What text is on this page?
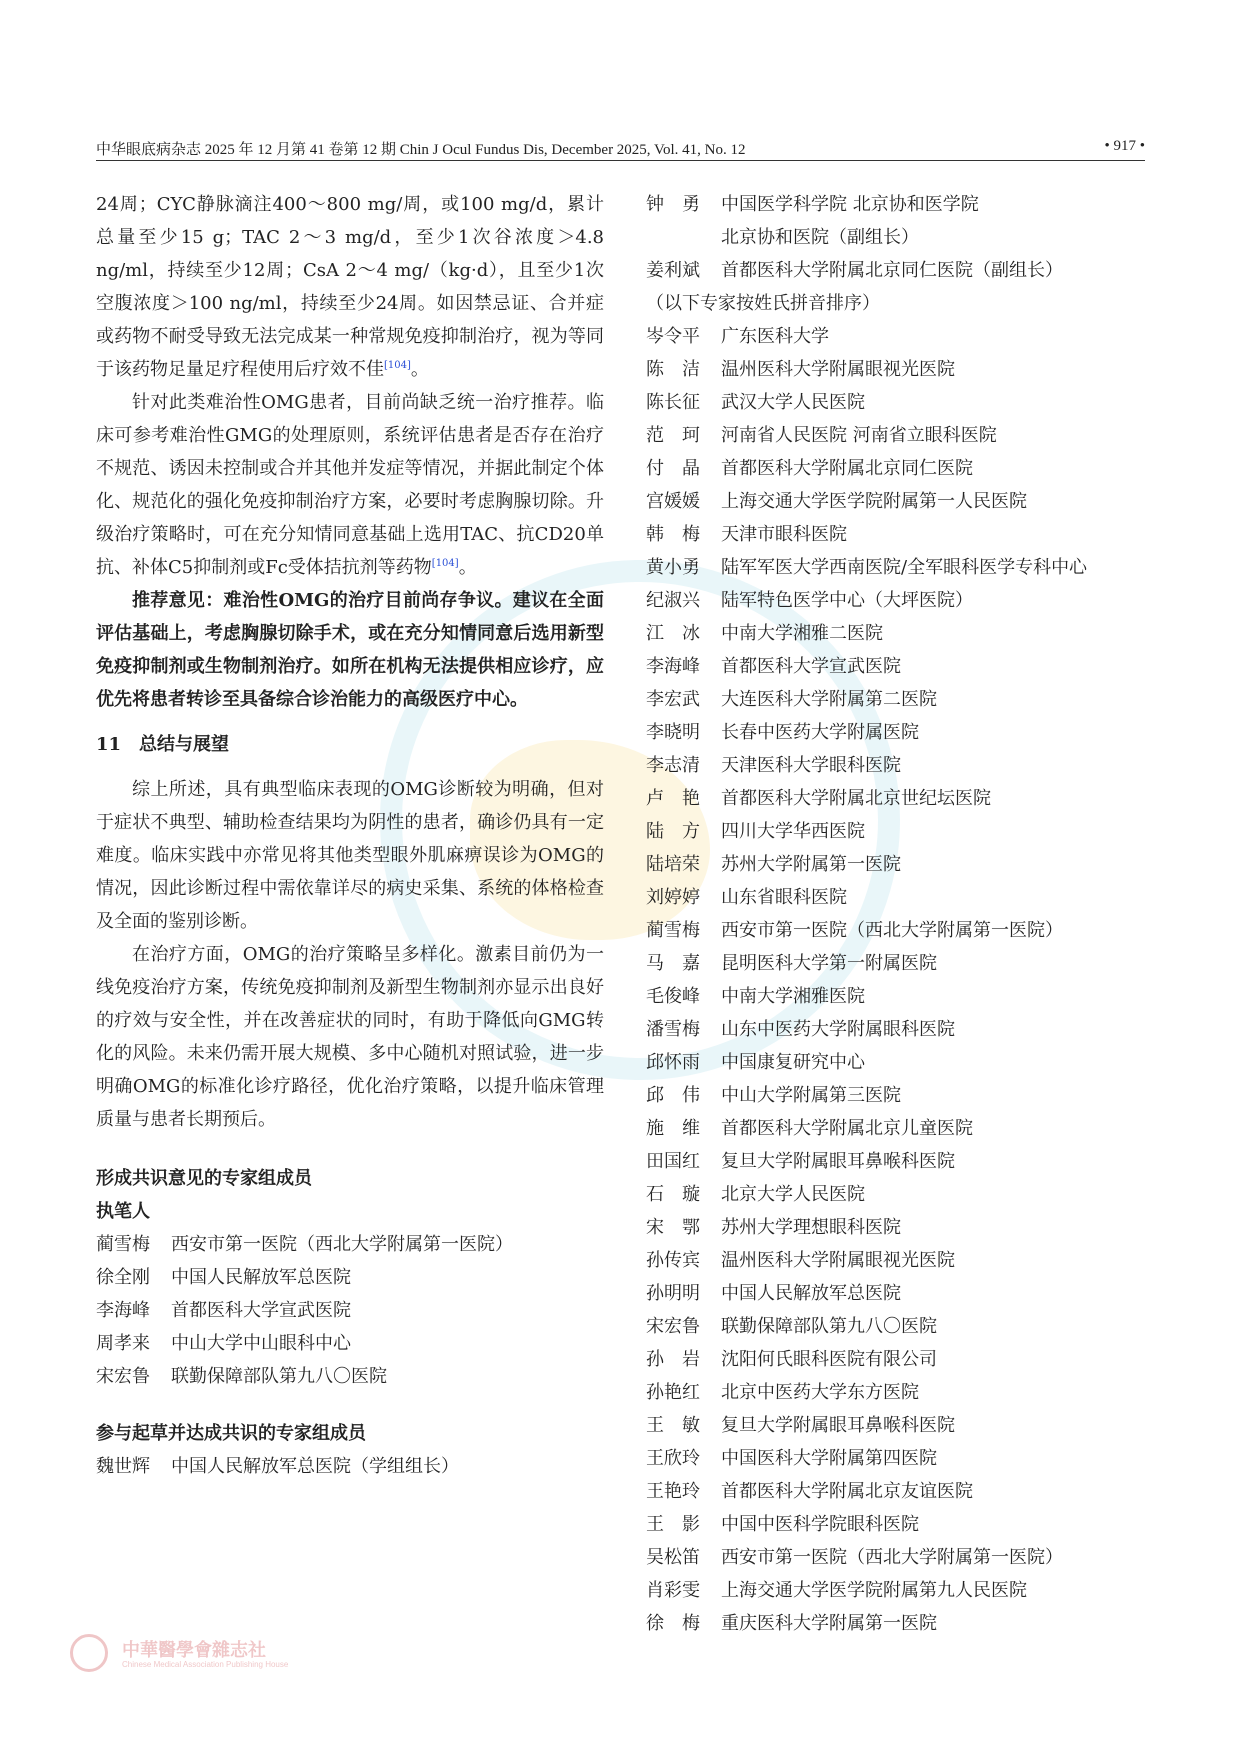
中华眼底病杂志 2025 年 12 月第 41 卷第 12 期 Chin J Ocul Fundus Dis, December 2025, Vol. 41, No. 12	• 917 •

24周；CYC静脉滴注400～800 mg/周，或100 mg/d，累计总量至少15 g；TAC 2～3 mg/d，至少1次谷浓度＞4.8 ng/ml，持续至少12周；CsA 2～4 mg/（kg·d），且至少1次空腹浓度＞100 ng/ml，持续至少24周。如因禁忌证、合并症或药物不耐受导致无法完成某一种常规免疫抑制治疗，视为等同于该药物足量足疗程使用后疗效不佳[104]。

针对此类难治性OMG患者，目前尚缺乏统一治疗推荐。临床可参考难治性GMG的处理原则，系统评估患者是否存在治疗不规范、诱因未控制或合并其他并发症等情况，并据此制定个体化、规范化的强化免疫抑制治疗方案，必要时考虑胸腺切除。升级治疗策略时，可在充分知情同意基础上选用TAC、抗CD20单抗、补体C5抑制剂或Fc受体拮抗剂等药物[104]。

推荐意见：难治性OMG的治疗目前尚存争议。建议在全面评估基础上，考虑胸腺切除手术，或在充分知情同意后选用新型免疫抑制剂或生物制剂治疗。如所在机构无法提供相应诊疗，应优先将患者转诊至具备综合诊治能力的高级医疗中心。

11　总结与展望

综上所述，具有典型临床表现的OMG诊断较为明确，但对于症状不典型、辅助检查结果均为阴性的患者，确诊仍具有一定难度。临床实践中亦常见将其他类型眼外肌麻痹误诊为OMG的情况，因此诊断过程中需依靠详尽的病史采集、系统的体格检查及全面的鉴别诊断。

在治疗方面，OMG的治疗策略呈多样化。激素目前仍为一线免疫治疗方案，传统免疫抑制剂及新型生物制剂亦显示出良好的疗效与安全性，并在改善症状的同时，有助于降低向GMG转化的风险。未来仍需开展大规模、多中心随机对照试验，进一步明确OMG的标准化诊疗路径，优化治疗策略，以提升临床管理质量与患者长期预后。

形成共识意见的专家组成员
执笔人
蔺雪梅	西安市第一医院（西北大学附属第一医院）
徐全刚	中国人民解放军总医院
李海峰	首都医科大学宣武医院
周孝来	中山大学中山眼科中心
宋宏鲁	联勤保障部队第九八〇医院
参与起草并达成共识的专家组成员
魏世辉	中国人民解放军总医院（学组组长）
钟　勇	中国医学科学院 北京协和医学院
北京协和医院（副组长）
姜利斌	首都医科大学附属北京同仁医院（副组长）
（以下专家按姓氏拼音排序）
岑令平	广东医科大学
陈　洁	温州医科大学附属眼视光医院
陈长征	武汉大学人民医院
范　珂	河南省人民医院 河南省立眼科医院
付　晶	首都医科大学附属北京同仁医院
宫媛媛	上海交通大学医学院附属第一人民医院
韩　梅	天津市眼科医院
黄小勇	陆军军医大学西南医院/全军眼科医学专科中心
纪淑兴	陆军特色医学中心（大坪医院）
江　冰	中南大学湘雅二医院
李海峰	首都医科大学宣武医院
李宏武	大连医科大学附属第二医院
李晓明	长春中医药大学附属医院
李志清	天津医科大学眼科医院
卢　艳	首都医科大学附属北京世纪坛医院
陆　方	四川大学华西医院
陆培荣	苏州大学附属第一医院
刘婷婷	山东省眼科医院
蔺雪梅	西安市第一医院（西北大学附属第一医院）
马　嘉	昆明医科大学第一附属医院
毛俊峰	中南大学湘雅医院
潘雪梅	山东中医药大学附属眼科医院
邱怀雨	中国康复研究中心
邱　伟	中山大学附属第三医院
施　维	首都医科大学附属北京儿童医院
田国红	复旦大学附属眼耳鼻喉科医院
石　璇	北京大学人民医院
宋　鄂	苏州大学理想眼科医院
孙传宾	温州医科大学附属眼视光医院
孙明明	中国人民解放军总医院
宋宏鲁	联勤保障部队第九八〇医院
孙　岩	沈阳何氏眼科医院有限公司
孙艳红	北京中医药大学东方医院
王　敏	复旦大学附属眼耳鼻喉科医院
王欣玲	中国医科大学附属第四医院
王艳玲	首都医科大学附属北京友谊医院
王　影	中国中医科学院眼科医院
吴松笛	西安市第一医院（西北大学附属第一医院）
肖彩雯	上海交通大学医学院附属第九人民医院
徐　梅	重庆医科大学附属第一医院
中華醫學會雜志社
Chinese Medical Association Publishing House
